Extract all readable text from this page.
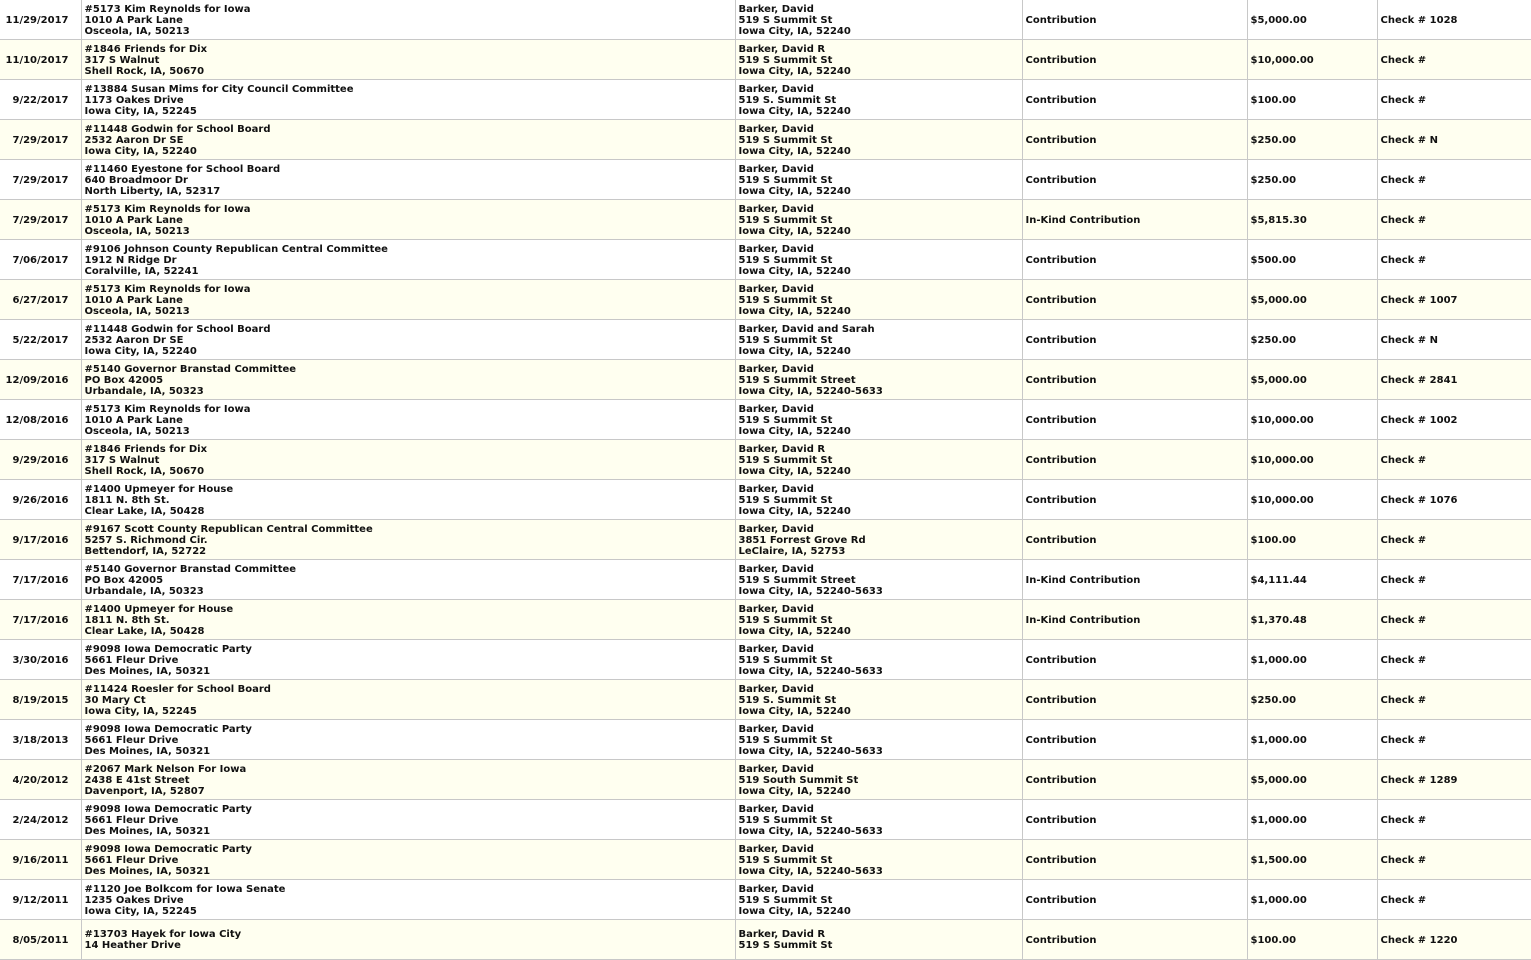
11/29/2017	#5173 Kim Reynolds for Iowa
1010 A Park Lane
Osceola, IA, 50213	Barker, David
519 S Summit St
Iowa City, IA, 52240	Contribution	$5,000.00	Check # 1028
11/10/2017	#1846 Friends for Dix
317 S Walnut
Shell Rock, IA, 50670	Barker, David R
519 S Summit St
Iowa City, IA, 52240	Contribution	$10,000.00	Check #
9/22/2017	#13884 Susan Mims for City Council Committee
1173 Oakes Drive
Iowa City, IA, 52245	Barker, David
519 S. Summit St
Iowa City, IA, 52240	Contribution	$100.00	Check #
7/29/2017	#11448 Godwin for School Board
2532 Aaron Dr SE
Iowa City, IA, 52240	Barker, David
519 S Summit St
Iowa City, IA, 52240	Contribution	$250.00	Check # N
7/29/2017	#11460 Eyestone for School Board
640 Broadmoor Dr
North Liberty, IA, 52317	Barker, David
519 S Summit St
Iowa City, IA, 52240	Contribution	$250.00	Check #
7/29/2017	#5173 Kim Reynolds for Iowa
1010 A Park Lane
Osceola, IA, 50213	Barker, David
519 S Summit St
Iowa City, IA, 52240	In-Kind Contribution	$5,815.30	Check #
7/06/2017	#9106 Johnson County Republican Central Committee
1912 N Ridge Dr
Coralville, IA, 52241	Barker, David
519 S Summit St
Iowa City, IA, 52240	Contribution	$500.00	Check #
6/27/2017	#5173 Kim Reynolds for Iowa
1010 A Park Lane
Osceola, IA, 50213	Barker, David
519 S Summit St
Iowa City, IA, 52240	Contribution	$5,000.00	Check # 1007
5/22/2017	#11448 Godwin for School Board
2532 Aaron Dr SE
Iowa City, IA, 52240	Barker, David and Sarah
519 S Summit St
Iowa City, IA, 52240	Contribution	$250.00	Check # N
12/09/2016	#5140 Governor Branstad Committee
PO Box 42005
Urbandale, IA, 50323	Barker, David
519 S Summit Street
Iowa City, IA, 52240-5633	Contribution	$5,000.00	Check # 2841
12/08/2016	#5173 Kim Reynolds for Iowa
1010 A Park Lane
Osceola, IA, 50213	Barker, David
519 S Summit St
Iowa City, IA, 52240	Contribution	$10,000.00	Check # 1002
9/29/2016	#1846 Friends for Dix
317 S Walnut
Shell Rock, IA, 50670	Barker, David R
519 S Summit St
Iowa City, IA, 52240	Contribution	$10,000.00	Check #
9/26/2016	#1400 Upmeyer for House
1811 N. 8th St.
Clear Lake, IA, 50428	Barker, David
519 S Summit St
Iowa City, IA, 52240	Contribution	$10,000.00	Check # 1076
9/17/2016	#9167 Scott County Republican Central Committee
5257 S. Richmond Cir.
Bettendorf, IA, 52722	Barker, David
3851 Forrest Grove Rd
LeClaire, IA, 52753	Contribution	$100.00	Check #
7/17/2016	#5140 Governor Branstad Committee
PO Box 42005
Urbandale, IA, 50323	Barker, David
519 S Summit Street
Iowa City, IA, 52240-5633	In-Kind Contribution	$4,111.44	Check #
7/17/2016	#1400 Upmeyer for House
1811 N. 8th St.
Clear Lake, IA, 50428	Barker, David
519 S Summit St
Iowa City, IA, 52240	In-Kind Contribution	$1,370.48	Check #
3/30/2016	#9098 Iowa Democratic Party
5661 Fleur Drive
Des Moines, IA, 50321	Barker, David
519 S Summit St
Iowa City, IA, 52240-5633	Contribution	$1,000.00	Check #
8/19/2015	#11424 Roesler for School Board
30 Mary Ct
Iowa City, IA, 52245	Barker, David
519 S. Summit St
Iowa City, IA, 52240	Contribution	$250.00	Check #
3/18/2013	#9098 Iowa Democratic Party
5661 Fleur Drive
Des Moines, IA, 50321	Barker, David
519 S Summit St
Iowa City, IA, 52240-5633	Contribution	$1,000.00	Check #
4/20/2012	#2067 Mark Nelson For Iowa
2438 E 41st Street
Davenport, IA, 52807	Barker, David
519 South Summit St
Iowa City, IA, 52240	Contribution	$5,000.00	Check # 1289
2/24/2012	#9098 Iowa Democratic Party
5661 Fleur Drive
Des Moines, IA, 50321	Barker, David
519 S Summit St
Iowa City, IA, 52240-5633	Contribution	$1,000.00	Check #
9/16/2011	#9098 Iowa Democratic Party
5661 Fleur Drive
Des Moines, IA, 50321	Barker, David
519 S Summit St
Iowa City, IA, 52240-5633	Contribution	$1,500.00	Check #
9/12/2011	#1120 Joe Bolkcom for Iowa Senate
1235 Oakes Drive
Iowa City, IA, 52245	Barker, David
519 S Summit St
Iowa City, IA, 52240	Contribution	$1,000.00	Check #
8/05/2011	#13703 Hayek for Iowa City
14 Heather Drive	Barker, David R
519 S Summit St	Contribution	$100.00	Check # 1220
